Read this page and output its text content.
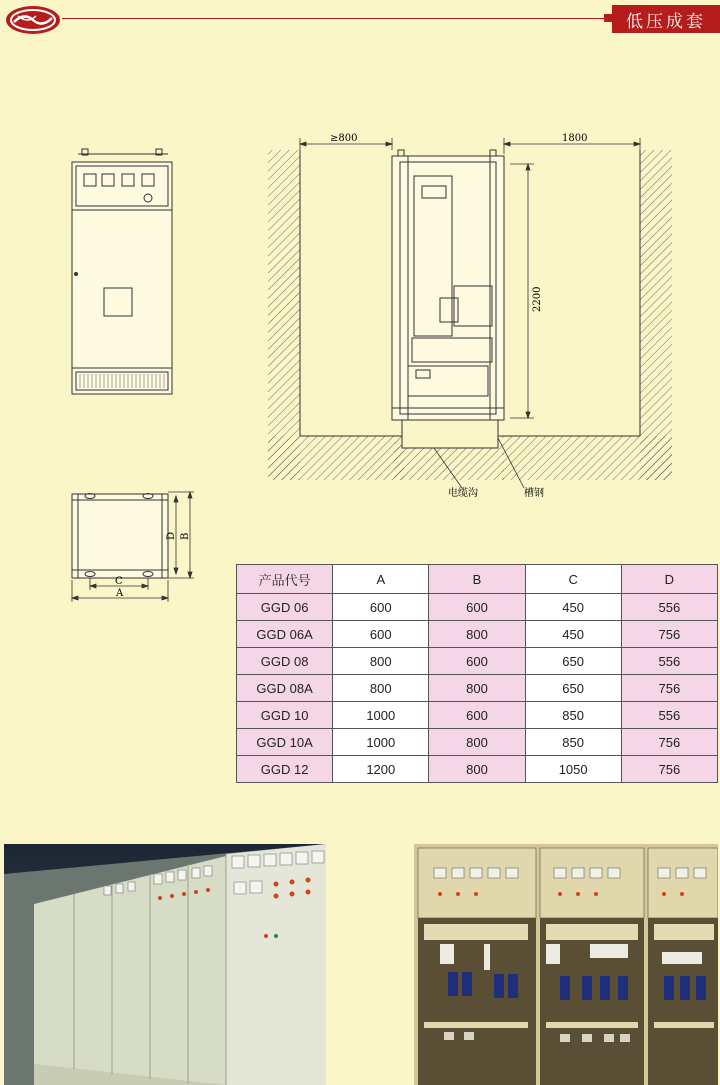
低压成套
≥800	1800
2200
电缆沟	槽钢
A
C
D B
产品代号	A	B	C	D
GGD 06	600	600	450	556
GGD 06A	600	800	450	756
GGD 08	800	600	650	556
GGD 08A	800	800	650	756
GGD 10	1000	600	850	556
GGD 10A	1000	800	850	756
GGD 12	1200	800	1050	756
